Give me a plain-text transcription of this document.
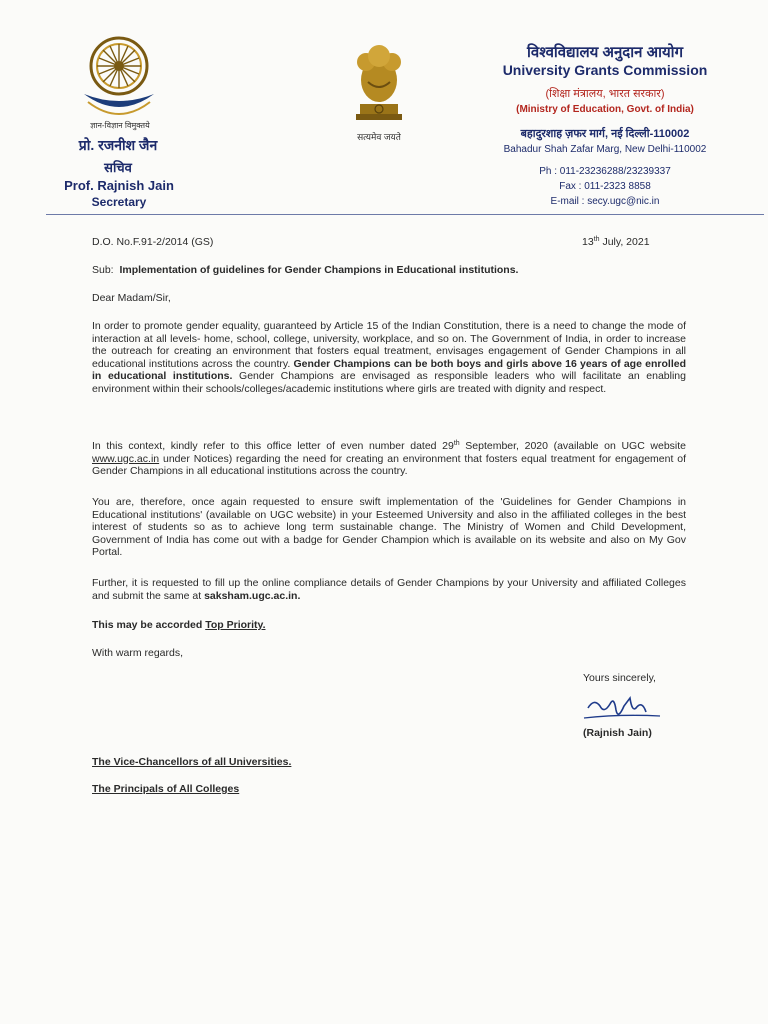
ज्ञान-विज्ञान विमुक्तये
प्रो. रजनीश जैन
सचिव
Prof. Rajnish Jain
Secretary
सत्यमेव जयते
विश्वविद्यालय अनुदान आयोग
University Grants Commission
(शिक्षा मंत्रालय, भारत सरकार)
(Ministry of Education, Govt. of India)
बहादुरशाह ज़फर मार्ग, नई दिल्ली-110002
Bahadur Shah Zafar Marg, New Delhi-110002
Ph : 011-23236288/23239337
Fax : 011-2323 8858
E-mail : secy.ugc@nic.in
D.O. No.F.91-2/2014 (GS)	13th July, 2021
Sub: Implementation of guidelines for Gender Champions in Educational institutions.
Dear Madam/Sir,
In order to promote gender equality, guaranteed by Article 15 of the Indian Constitution, there is a need to change the mode of interaction at all levels- home, school, college, university, workplace, and so on. The Government of India, in order to increase the outreach for creating an environment that fosters equal treatment, envisages engagement of Gender Champions in all educational institutions across the country. Gender Champions can be both boys and girls above 16 years of age enrolled in educational institutions. Gender Champions are envisaged as responsible leaders who will facilitate an enabling environment within their schools/colleges/academic institutions where girls are treated with dignity and respect.
In this context, kindly refer to this office letter of even number dated 29th September, 2020 (available on UGC website www.ugc.ac.in under Notices) regarding the need for creating an environment that fosters equal treatment for engagement of Gender Champions in all educational institutions across the country.
You are, therefore, once again requested to ensure swift implementation of the 'Guidelines for Gender Champions in Educational institutions' (available on UGC website) in your Esteemed University and also in the affiliated colleges in the best interest of students so as to achieve long term sustainable change. The Ministry of Women and Child Development, Government of India has come out with a badge for Gender Champion which is available on its website and also on My Gov Portal.
Further, it is requested to fill up the online compliance details of Gender Champions by your University and affiliated Colleges and submit the same at saksham.ugc.ac.in.
This may be accorded Top Priority.
With warm regards,
Yours sincerely,
(Rajnish Jain)
The Vice-Chancellors of all Universities.
The Principals of All Colleges
